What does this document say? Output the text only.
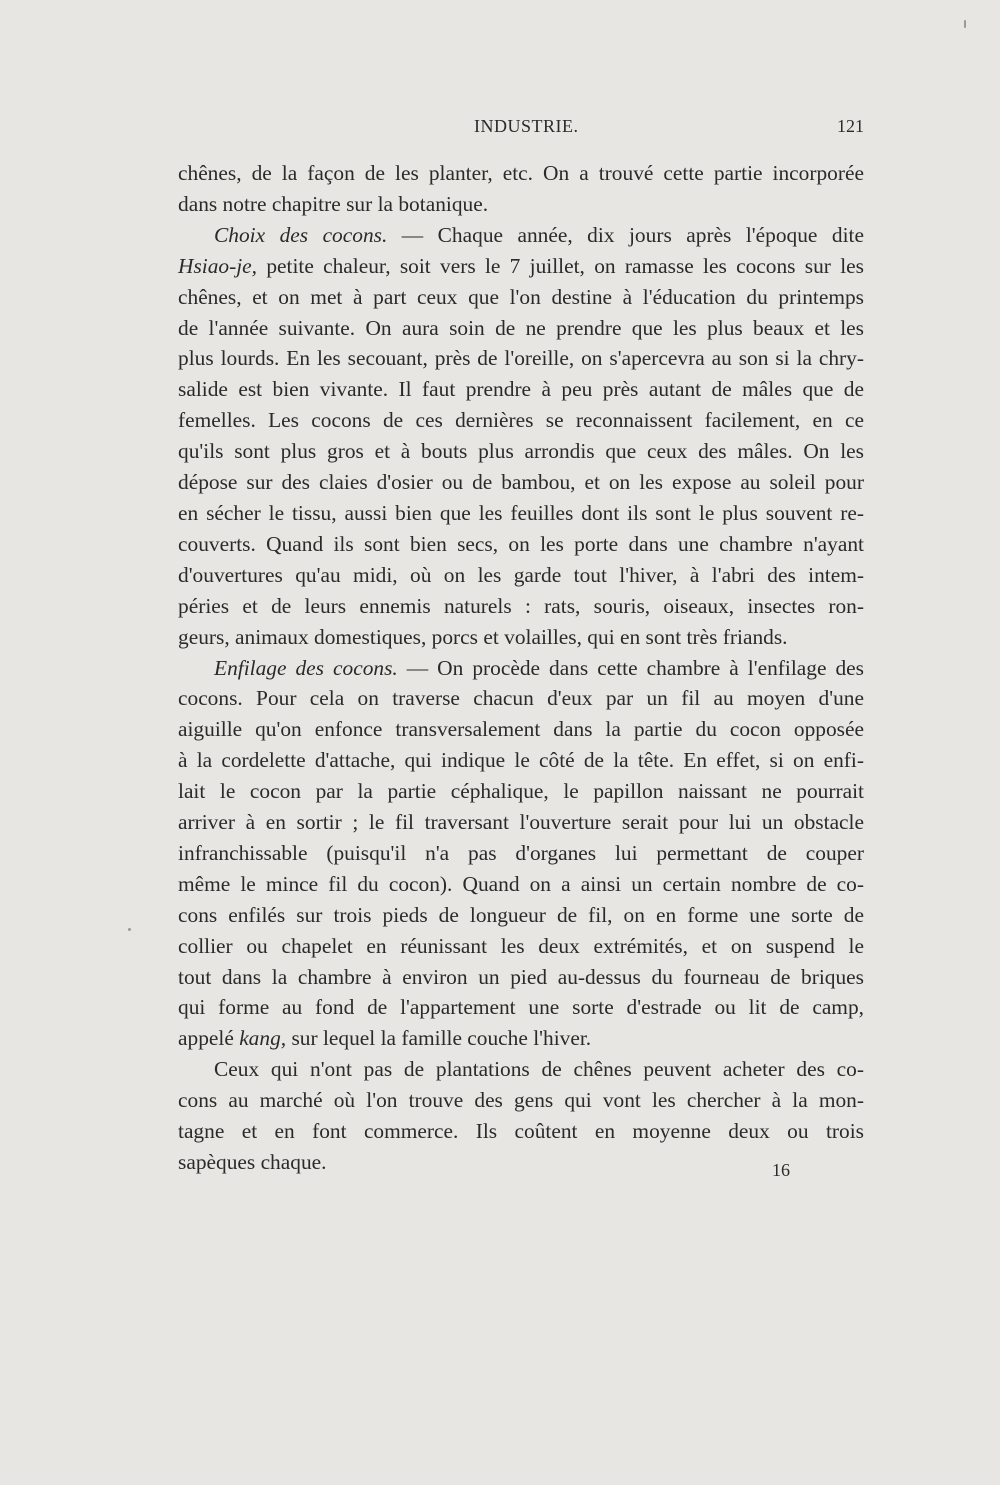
INDUSTRIE.	121

chênes, de la façon de les planter, etc. On a trouvé cette partie incorporée
dans notre chapitre sur la botanique.

Choix des cocons. — Chaque année, dix jours après l'époque dite
Hsiao-je, petite chaleur, soit vers le 7 juillet, on ramasse les cocons sur les
chênes, et on met à part ceux que l'on destine à l'éducation du printemps
de l'année suivante. On aura soin de ne prendre que les plus beaux et les
plus lourds. En les secouant, près de l'oreille, on s'apercevra au son si la chry-
salide est bien vivante. Il faut prendre à peu près autant de mâles que de
femelles. Les cocons de ces dernières se reconnaissent facilement, en ce
qu'ils sont plus gros et à bouts plus arrondis que ceux des mâles. On les
dépose sur des claies d'osier ou de bambou, et on les expose au soleil pour
en sécher le tissu, aussi bien que les feuilles dont ils sont le plus souvent re-
couverts. Quand ils sont bien secs, on les porte dans une chambre n'ayant
d'ouvertures qu'au midi, où on les garde tout l'hiver, à l'abri des intem-
péries et de leurs ennemis naturels : rats, souris, oiseaux, insectes ron-
geurs, animaux domestiques, porcs et volailles, qui en sont très friands.

Enfilage des cocons. — On procède dans cette chambre à l'enfilage des
cocons. Pour cela on traverse chacun d'eux par un fil au moyen d'une
aiguille qu'on enfonce transversalement dans la partie du cocon opposée
à la cordelette d'attache, qui indique le côté de la tête. En effet, si on enfi-
lait le cocon par la partie céphalique, le papillon naissant ne pourrait
arriver à en sortir ; le fil traversant l'ouverture serait pour lui un obstacle
infranchissable (puisqu'il n'a pas d'organes lui permettant de couper
même le mince fil du cocon). Quand on a ainsi un certain nombre de co-
cons enfilés sur trois pieds de longueur de fil, on en forme une sorte de
collier ou chapelet en réunissant les deux extrémités, et on suspend le
tout dans la chambre à environ un pied au-dessus du fourneau de briques
qui forme au fond de l'appartement une sorte d'estrade ou lit de camp,
appelé kang, sur lequel la famille couche l'hiver.

Ceux qui n'ont pas de plantations de chênes peuvent acheter des co-
cons au marché où l'on trouve des gens qui vont les chercher à la mon-
tagne et en font commerce. Ils coûtent en moyenne deux ou trois
sapèques chaque.	16
